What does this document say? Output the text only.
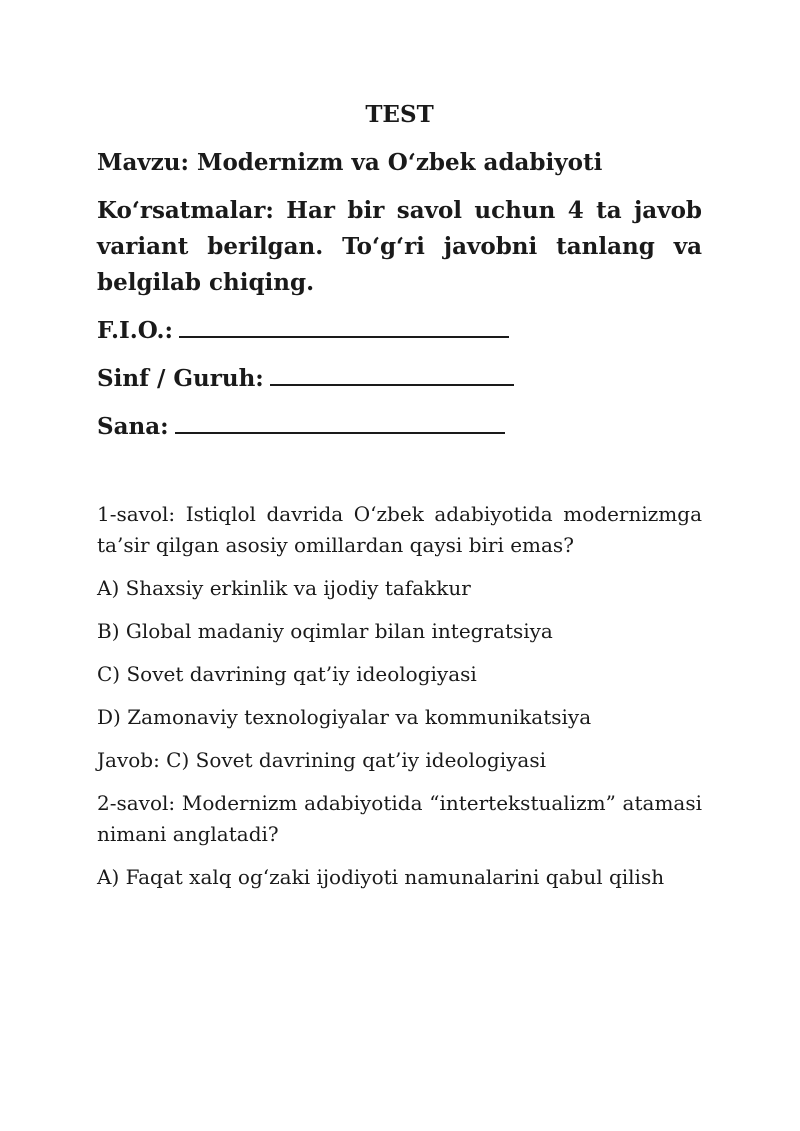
TEST
Mavzu: Modernizm va O‘zbek adabiyoti
Ko‘rsatmalar: Har bir savol uchun 4 ta javob variant berilgan. To‘g‘ri javobni tanlang va belgilab chiqing.
F.I.O.:
Sinf / Guruh:
Sana:
1-savol: Istiqlol davrida O‘zbek adabiyotida modernizmga ta’sir qilgan asosiy omillardan qaysi biri emas?
A) Shaxsiy erkinlik va ijodiy tafakkur
B) Global madaniy oqimlar bilan integratsiya
C) Sovet davrining qat’iy ideologiyasi
D) Zamonaviy texnologiyalar va kommunikatsiya
Javob: C) Sovet davrining qat’iy ideologiyasi
2-savol: Modernizm adabiyotida “intertekstualizm” atamasi nimani anglatadi?
A) Faqat xalq og‘zaki ijodiyoti namunalarini qabul qilish
